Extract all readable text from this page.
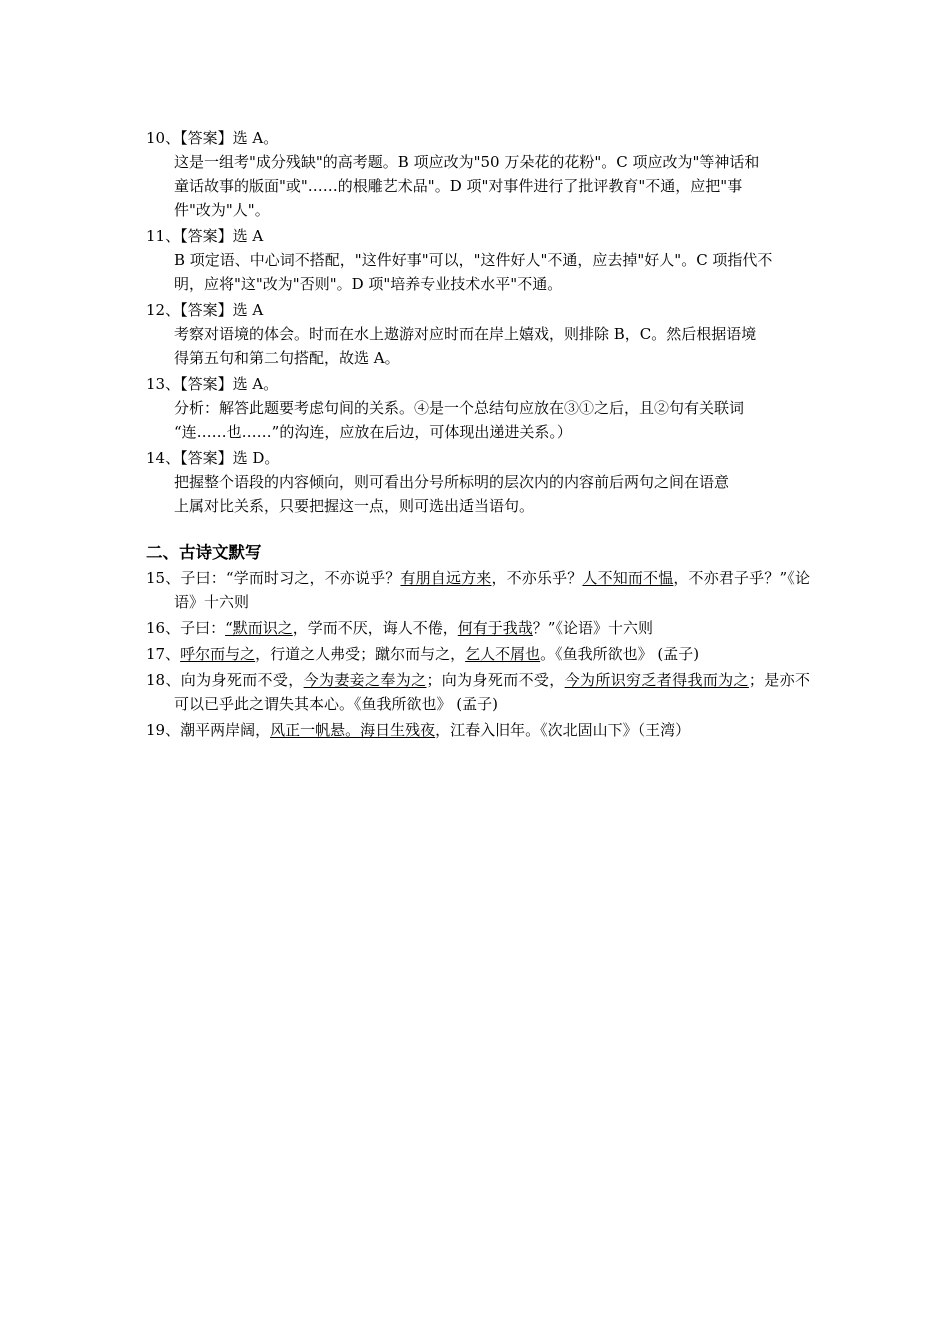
10、【答案】选 A。
这是一组考"成分残缺"的高考题。B 项应改为"50 万朵花的花粉"。C 项应改为"等神话和
童话故事的版面"或"……的根雕艺术品"。D 项"对事件进行了批评教育"不通，应把"事
件"改为"人"。
11、【答案】选 A
B 项定语、中心词不搭配，"这件好事"可以，"这件好人"不通，应去掉"好人"。C 项指代不
明，应将"这"改为"否则"。D 项"培养专业技术水平"不通。
12、【答案】选 A
考察对语境的体会。时而在水上遨游对应时而在岸上嬉戏，则排除 B，C。然后根据语境
得第五句和第二句搭配，故选 A。
13、【答案】选 A。
分析：解答此题要考虑句间的关系。④是一个总结句应放在③①之后，且②句有关联词
“连……也……”的沟连，应放在后边，可体现出递进关系。）
14、【答案】选 D。
把握整个语段的内容倾向，则可看出分号所标明的层次内的内容前后两句之间在语意
上属对比关系，只要把握这一点，则可选出适当语句。
二、古诗文默写

15、子曰：“学而时习之，不亦说乎？有朋自远方来，不亦乐乎？人不知而不愠，不亦君子乎？”《论语》十六则

16、子曰：“默而识之，学而不厌，诲人不倦，何有于我哉？”《论语》十六则

17、呼尔而与之，行道之人弗受；蹴尔而与之，乞人不屑也。《鱼我所欲也》 (孟子)

18、向为身死而不受，今为妻妾之奉为之；向为身死而不受，今为所识穷乏者得我而为之；是亦不可以已乎此之谓失其本心。《鱼我所欲也》 (孟子)

19、潮平两岸阔，风正一帆悬。海日生残夜，江春入旧年。《次北固山下》（王湾）
